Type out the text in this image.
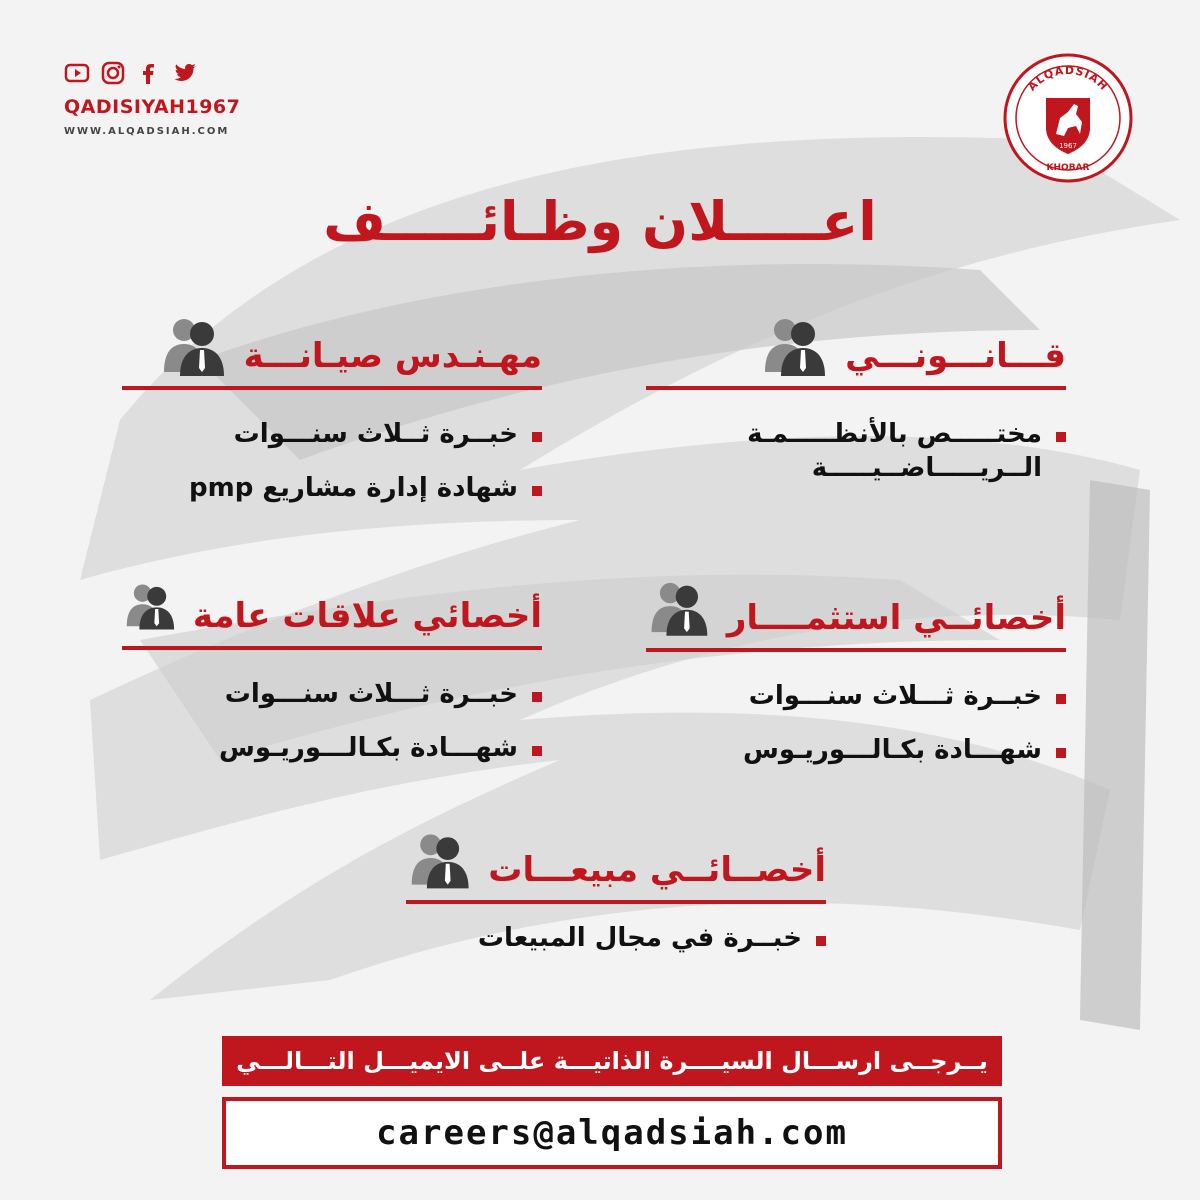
QADISIYAH1967
WWW.ALQADSIAH.COM
ALQADSIAH
1967
KHOBAR
اعـــــلان وظـائـــــف
قـــانـــونـــي
مختـــــص بالأنظـــــمـة الــريـــــاضــيـــــة
مهـنـدس صيـانـــة
خبــرة ثــلاث سنـــوات
شهادة إدارة مشاريع pmp
أخصائــي استثمــــار
خبــرة ثـــلاث سنـــوات
شهـــادة بكـالـــوريـوس
أخصائي علاقات عامة
خبــرة ثـــلاث سنـــوات
شهـــادة بكـالـــوريـوس
أخصــائــي مبيعـــات
خبــرة في مجال المبيعات
يــرجــى ارســـال السيــــرة الذاتيـــة علــى الايميـــل التـــالـــي
careers@alqadsiah.com
